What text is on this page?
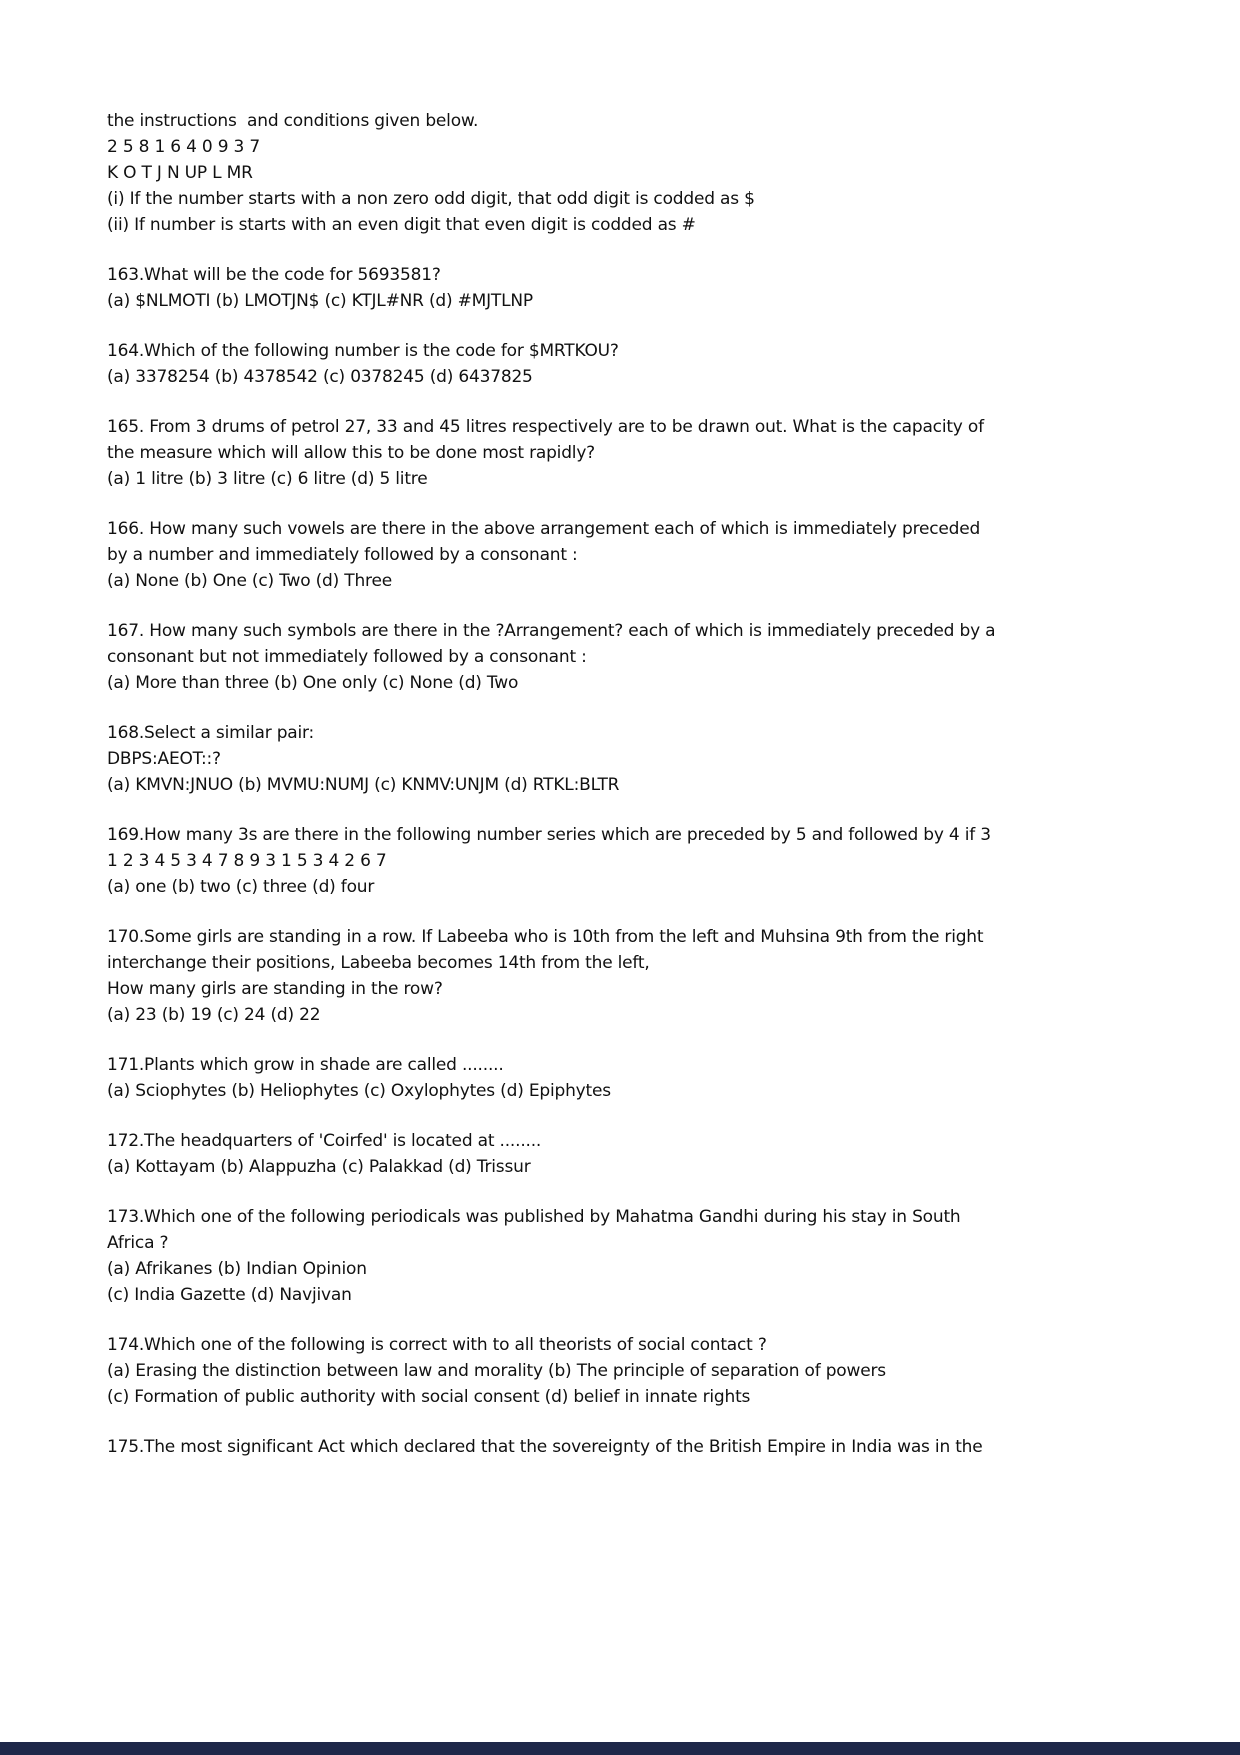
the instructions  and conditions given below.

2 5 8 1 6 4 0 9 3 7

K O T J N UP L MR

(i) If the number starts with a non zero odd digit, that odd digit is codded as $

(ii) If number is starts with an even digit that even digit is codded as #

163.What will be the code for 5693581?

(a) $NLMOTI (b) LMOTJN$ (c) KTJL#NR (d) #MJTLNP

164.Which of the following number is the code for $MRTKOU?

(a) 3378254 (b) 4378542 (c) 0378245 (d) 6437825

165. From 3 drums of petrol 27, 33 and 45 litres respectively are to be drawn out. What is the capacity of

the measure which will allow this to be done most rapidly?

(a) 1 litre (b) 3 litre (c) 6 litre (d) 5 litre

166. How many such vowels are there in the above arrangement each of which is immediately preceded

by a number and immediately followed by a consonant :

(a) None (b) One (c) Two (d) Three

167. How many such symbols are there in the ?Arrangement? each of which is immediately preceded by a

consonant but not immediately followed by a consonant :

(a) More than three (b) One only (c) None (d) Two

168.Select a similar pair:

DBPS:AEOT::?

(a) KMVN:JNUO (b) MVMU:NUMJ (c) KNMV:UNJM (d) RTKL:BLTR

169.How many 3s are there in the following number series which are preceded by 5 and followed by 4 if 3

1 2 3 4 5 3 4 7 8 9 3 1 5 3 4 2 6 7

(a) one (b) two (c) three (d) four

170.Some girls are standing in a row. If Labeeba who is 10th from the left and Muhsina 9th from the right

interchange their positions, Labeeba becomes 14th from the left,

How many girls are standing in the row?

(a) 23 (b) 19 (c) 24 (d) 22

171.Plants which grow in shade are called ........

(a) Sciophytes (b) Heliophytes (c) Oxylophytes (d) Epiphytes

172.The headquarters of 'Coirfed' is located at ........

(a) Kottayam (b) Alappuzha (c) Palakkad (d) Trissur

173.Which one of the following periodicals was published by Mahatma Gandhi during his stay in South

Africa ?

(a) Afrikanes (b) Indian Opinion

(c) India Gazette (d) Navjivan

174.Which one of the following is correct with to all theorists of social contact ?

(a) Erasing the distinction between law and morality (b) The principle of separation of powers

(c) Formation of public authority with social consent (d) belief in innate rights

175.The most significant Act which declared that the sovereignty of the British Empire in India was in the
